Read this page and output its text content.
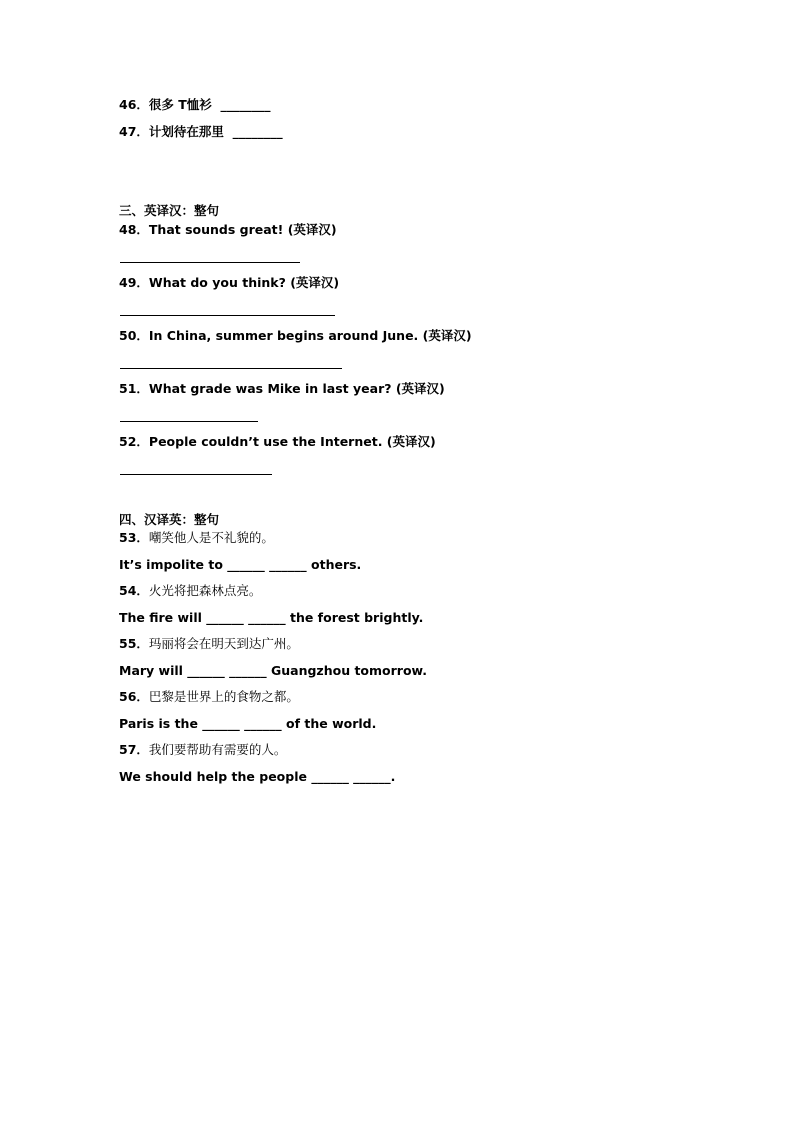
46．很多 T恤衫 ________
47．计划待在那里 ________
三、英译汉：整句
48．That sounds great! (英译汉)
49．What do you think? (英译汉)
50．In China, summer begins around June. (英译汉)
51．What grade was Mike in last year? (英译汉)
52．People couldn’t use the Internet. (英译汉)
四、汉译英：整句
53．嘲笑他人是不礼貌的。
It’s impolite to ______ ______ others.
54．火光将把森林点亮。
The fire will ______ ______ the forest brightly.
55．玛丽将会在明天到达广州。
Mary will ______ ______ Guangzhou tomorrow.
56．巴黎是世界上的食物之都。
Paris is the ______ ______ of the world.
57．我们要帮助有需要的人。
We should help the people ______ ______.
